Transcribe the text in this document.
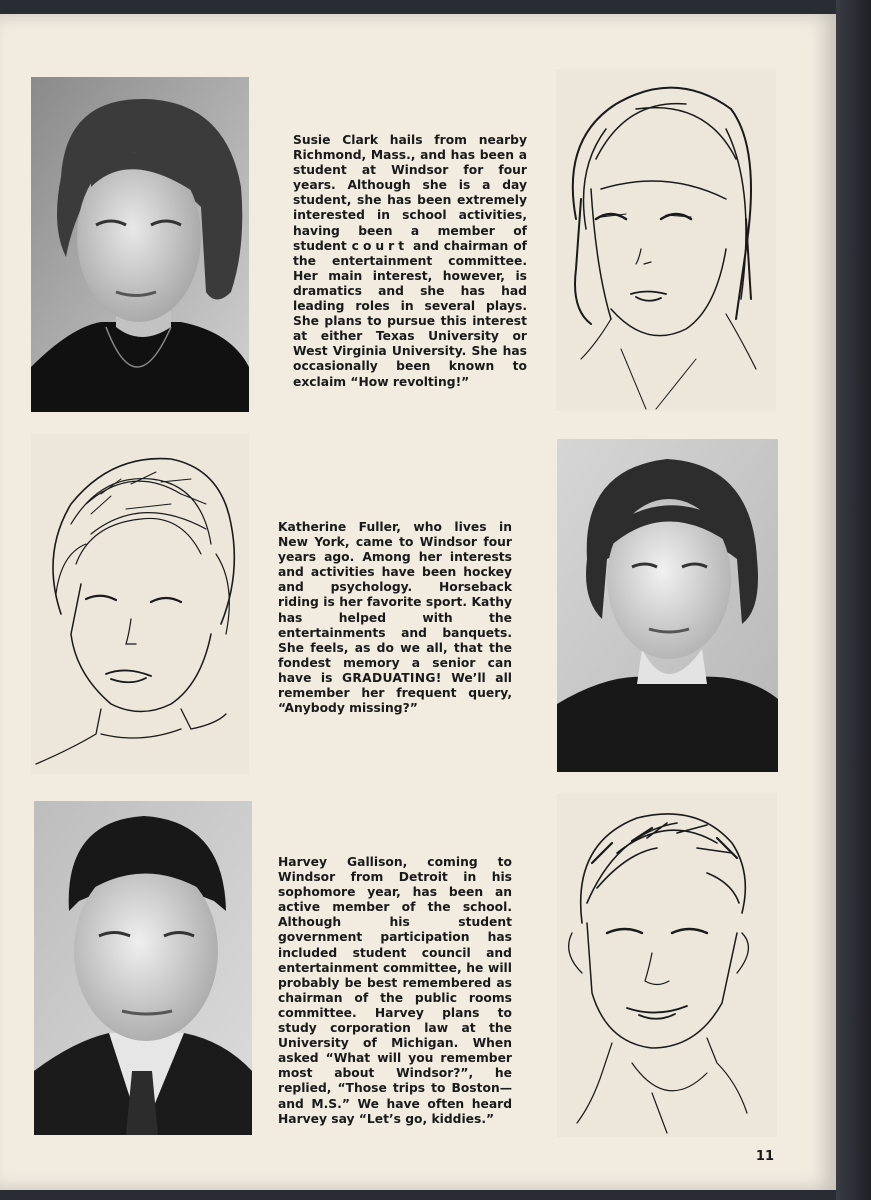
Susie Clark hails from nearby Richmond, Mass., and has been a student at Windsor for four years. Although she is a day student, she has been extremely interested in school activities, having been a member of student court and chairman of the entertainment committee. Her main interest, however, is dramatics and she has had leading roles in several plays. She plans to pursue this interest at either Texas University or West Virginia University. She has occasionally been known to exclaim “How revolting!”
Katherine Fuller, who lives in New York, came to Windsor four years ago. Among her interests and activities have been hockey and psychology. Horseback riding is her favorite sport. Kathy has helped with the entertainments and banquets. She feels, as do we all, that the fondest memory a senior can have is GRADUATING! We’ll all remember her frequent query, “Anybody missing?”
Harvey Gallison, coming to Windsor from Detroit in his sophomore year, has been an active member of the school. Although his student government participation has included student council and entertainment committee, he will probably be best remembered as chairman of the public rooms committee. Harvey plans to study corporation law at the University of Michigan. When asked “What will you remember most about Windsor?”, he replied, “Those trips to Boston—and M.S.” We have often heard Harvey say “Let’s go, kiddies.”
11
